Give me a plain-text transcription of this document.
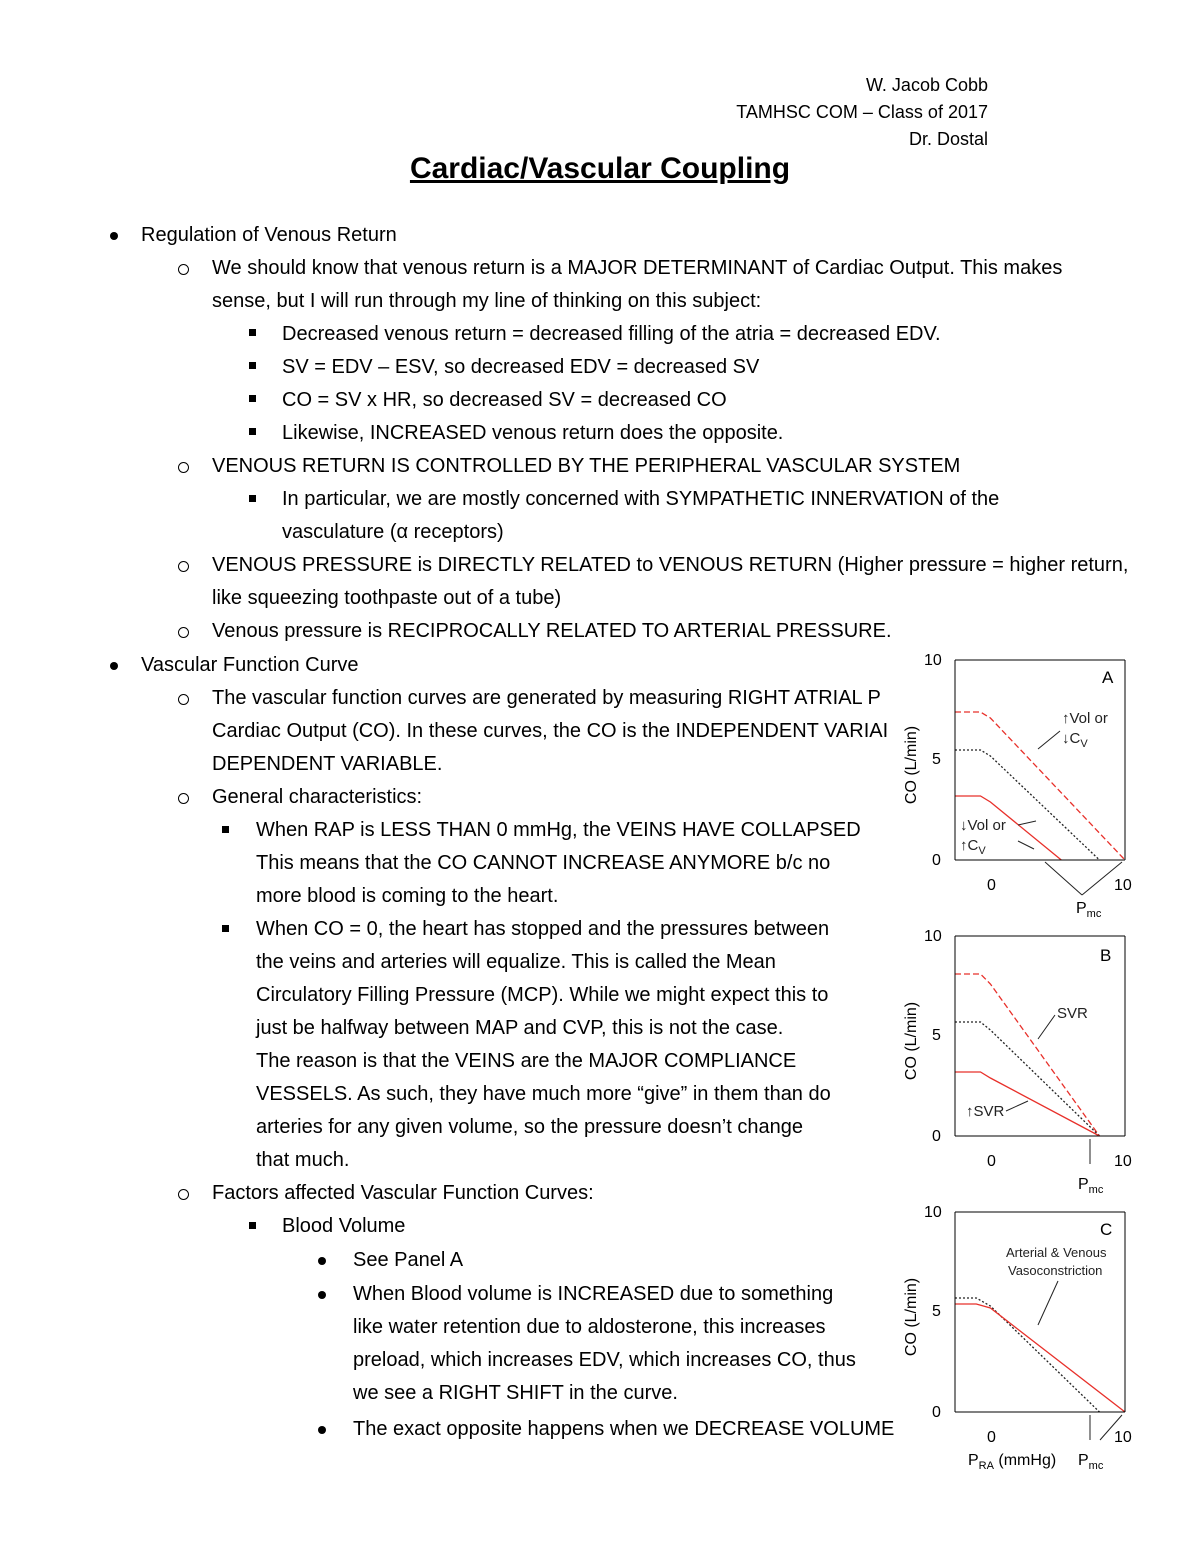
W. Jacob Cobb
TAMHSC COM – Class of 2017
Dr. Dostal
Cardiac/Vascular Coupling
Regulation of Venous Return
We should know that venous return is a MAJOR DETERMINANT of Cardiac Output. This makes
sense, but I will run through my line of thinking on this subject:
Decreased venous return = decreased filling of the atria = decreased EDV.
SV = EDV – ESV, so decreased EDV = decreased SV
CO = SV x HR, so decreased SV = decreased CO
Likewise, INCREASED venous return does the opposite.
VENOUS RETURN IS CONTROLLED BY THE PERIPHERAL VASCULAR SYSTEM
In particular, we are mostly concerned with SYMPATHETIC INNERVATION of the
vasculature (α receptors)
VENOUS PRESSURE is DIRECTLY RELATED to VENOUS RETURN (Higher pressure = higher return,
like squeezing toothpaste out of a tube)
Venous pressure is RECIPROCALLY RELATED TO ARTERIAL PRESSURE.
Vascular Function Curve
The vascular function curves are generated by measuring RIGHT ATRIAL P
Cardiac Output (CO). In these curves, the CO is the INDEPENDENT VARIAI
DEPENDENT VARIABLE.
General characteristics:
When RAP is LESS THAN 0 mmHg, the VEINS HAVE COLLAPSED
This means that the CO CANNOT INCREASE ANYMORE b/c no
more blood is coming to the heart.
When CO = 0, the heart has stopped and the pressures between
the veins and arteries will equalize. This is called the Mean
Circulatory Filling Pressure (MCP). While we might expect this to
just be halfway between MAP and CVP, this is not the case.
The reason is that the VEINS are the MAJOR COMPLIANCE
VESSELS. As such, they have much more “give” in them than do
arteries for any given volume, so the pressure doesn’t change
that much.
Factors affected Vascular Function Curves:
Blood Volume
See Panel A
When Blood volume is INCREASED due to something
like water retention due to aldosterone, this increases
preload, which increases EDV, which increases CO, thus
we see a RIGHT SHIFT in the curve.
The exact opposite happens when we DECREASE VOLUME
10
5
0
CO (L/min)
0	10
A
↑Vol or
$↓C_V$
↓Vol or
$↑C_V$
$P_{mc}$
10
5
0
CO (L/min)
0	10
B
SVR
↑SVR
$P_{mc}$
10
5
0
CO (L/min)
0	10
C
Arterial & Venous
Vasoconstriction
$P_{RA}$ (mmHg) $P_{mc}$
